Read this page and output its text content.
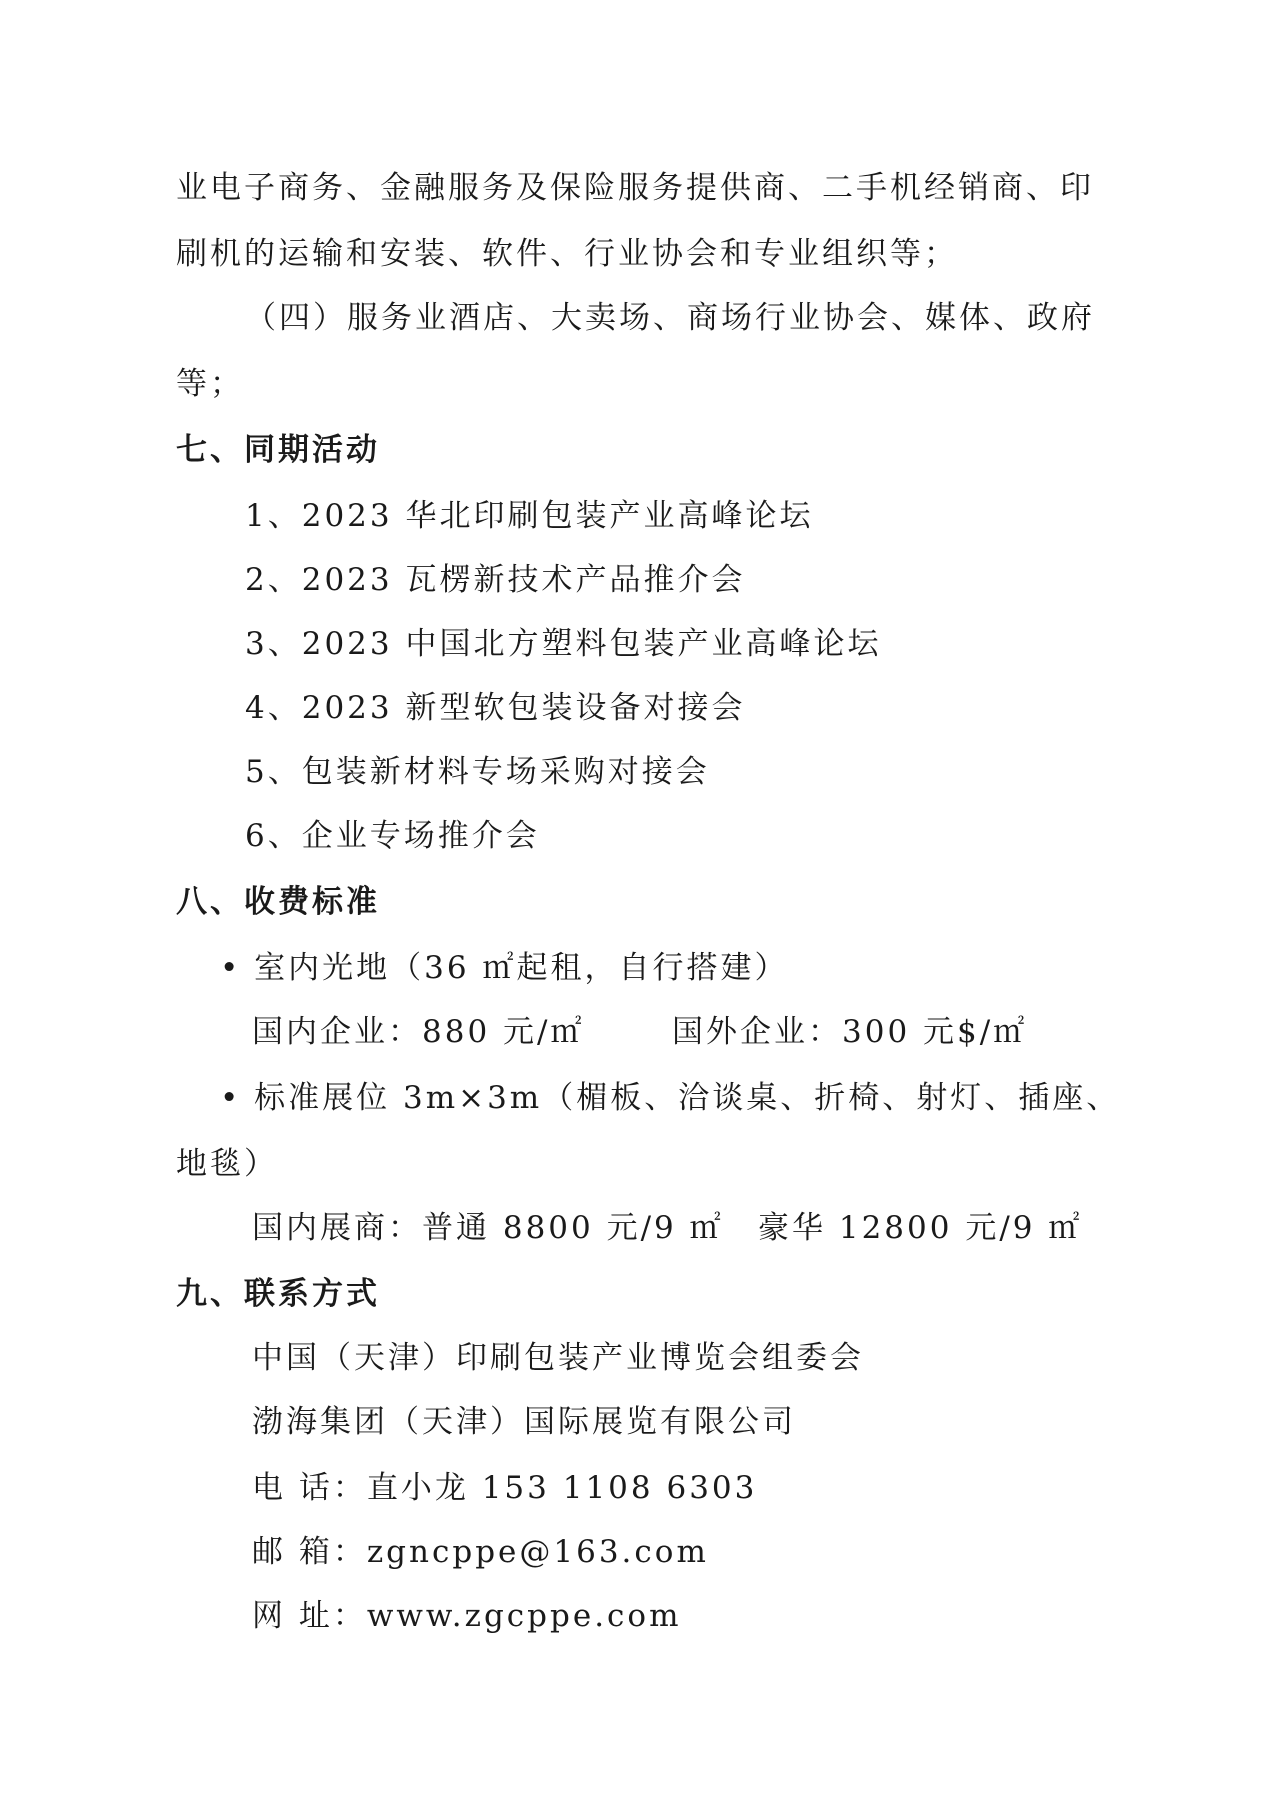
业电子商务、金融服务及保险服务提供商、二手机经销商、印
刷机的运输和安装、软件、行业协会和专业组织等；
（四）服务业酒店、大卖场、商场行业协会、媒体、政府
等；
七、同期活动
1、2023 华北印刷包装产业高峰论坛
2、2023 瓦楞新技术产品推介会
3、2023 中国北方塑料包装产业高峰论坛
4、2023 新型软包装设备对接会
5、包装新材料专场采购对接会
6、企业专场推介会
八、收费标准
• 室内光地（36 ㎡起租，自行搭建）
国内企业：880 元/㎡	国外企业：300 元$/㎡
• 标准展位 3m×3m（楣板、洽谈桌、折椅、射灯、插座、
地毯）
国内展商：普通 8800 元/9 ㎡ 豪华 12800 元/9 ㎡
九、联系方式
中国（天津）印刷包装产业博览会组委会
渤海集团（天津）国际展览有限公司
电 话：直小龙 153 1108 6303
邮 箱：zgncppe@163.com
网 址：www.zgcppe.com
